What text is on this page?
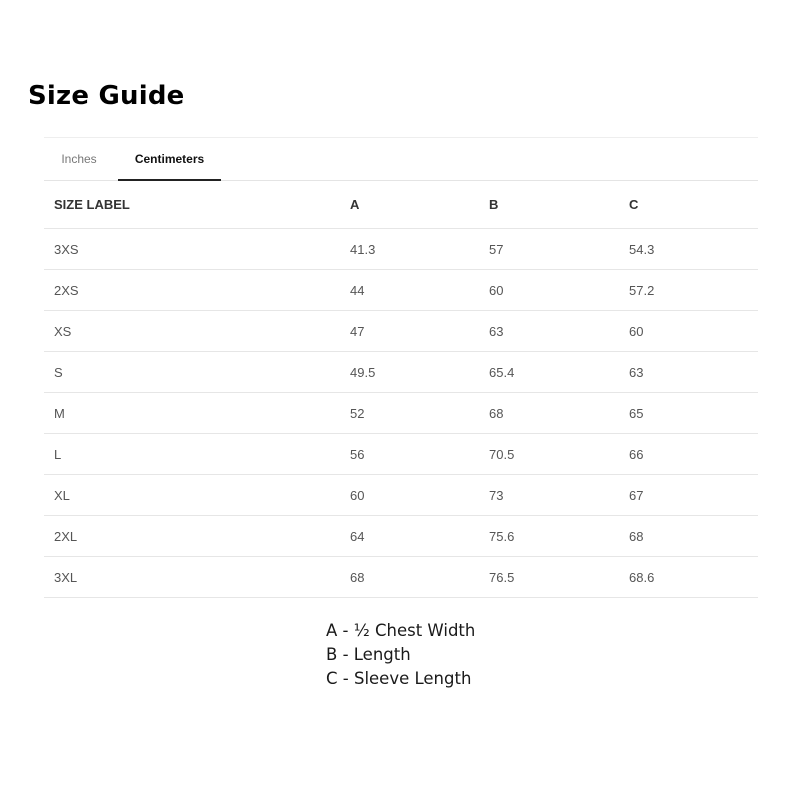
Size Guide
Inches	Centimeters
SIZE LABEL	A	B	C
3XS	41.3	57	54.3
2XS	44	60	57.2
XS	47	63	60
S	49.5	65.4	63
M	52	68	65
L	56	70.5	66
XL	60	73	67
2XL	64	75.6	68
3XL	68	76.5	68.6
A - ½ Chest Width
B - Length
C - Sleeve Length
